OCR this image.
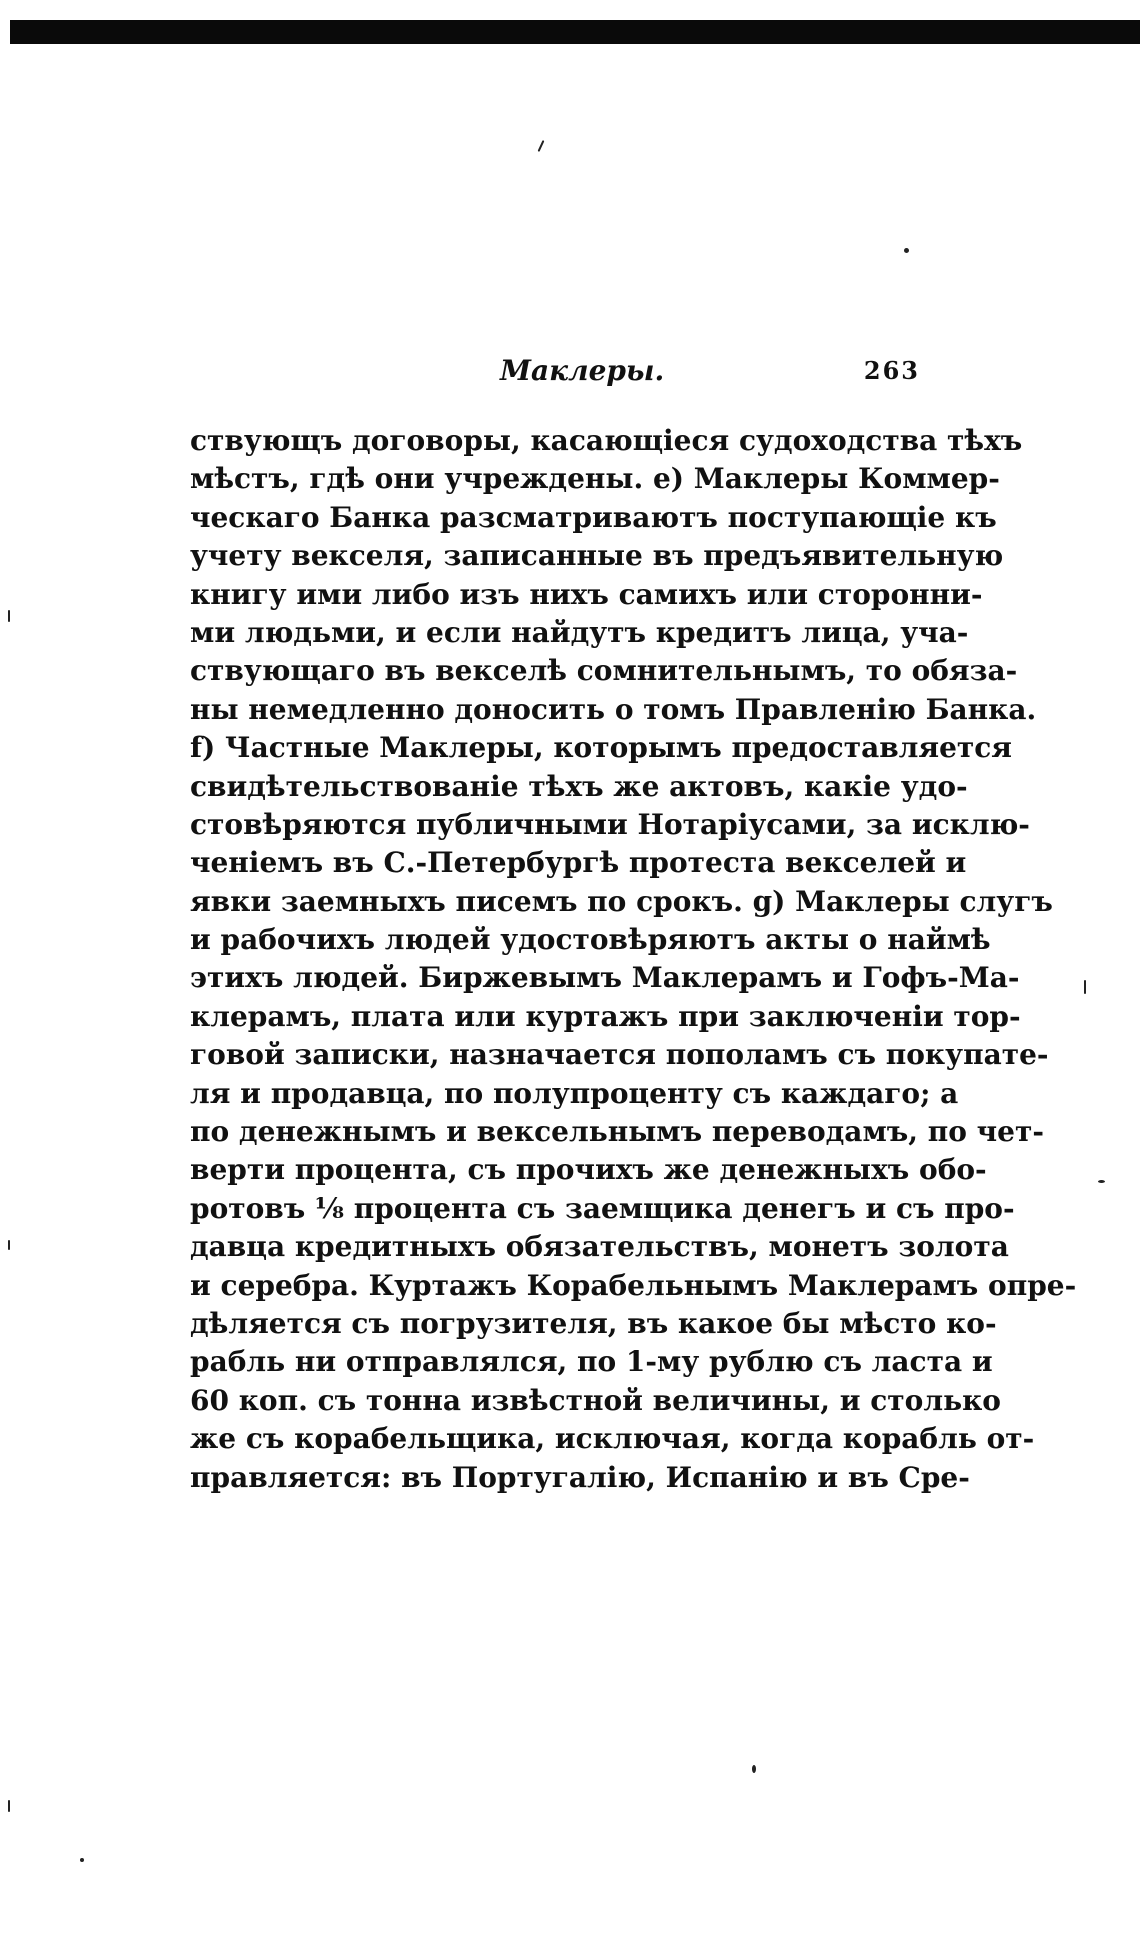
Маклеры.	263
ствующъ договоры, касающіеся судоходства тѣхъ
мѣстъ, гдѣ они учреждены. e) Маклеры Коммер-
ческаго Банка разсматриваютъ поступающіе къ
учету векселя, записанные въ предъявительную
книгу ими либо изъ нихъ самихъ или сторонни-
ми людьми, и если найдутъ кредитъ лица, уча-
ствующаго въ векселѣ сомнительнымъ, то обяза-
ны немедленно доносить о томъ Правленію Банка.
f) Частные Маклеры, которымъ предоставляется
свидѣтельствованіе тѣхъ же актовъ, какіе удо-
стовѣряются публичными Нотаріусами, за исклю-
ченіемъ въ С.-Петербургѣ протеста векселей и
явки заемныхъ писемъ по срокъ. g) Маклеры слугъ
и рабочихъ людей удостовѣряютъ акты о наймѣ
этихъ людей. Биржевымъ Маклерамъ и Гофъ-Ма-
клерамъ, плата или куртажъ при заключеніи тор-
говой записки, назначается пополамъ съ покупате-
ля и продавца, по полупроценту съ каждаго; а
по денежнымъ и вексельнымъ переводамъ, по чет-
верти процента, съ прочихъ же денежныхъ обо-
ротовъ ⅛ процента съ заемщика денегъ и съ про-
давца кредитныхъ обязательствъ, монетъ золота
и серебра. Куртажъ Корабельнымъ Маклерамъ опре-
дѣляется съ погрузителя, въ какое бы мѣсто ко-
рабль ни отправлялся, по 1-му рублю съ ласта и
60 коп. съ тонна извѣстной величины, и столько
же съ корабельщика, исключая, когда корабль от-
правляется: въ Португалію, Испанію и въ Сре-
